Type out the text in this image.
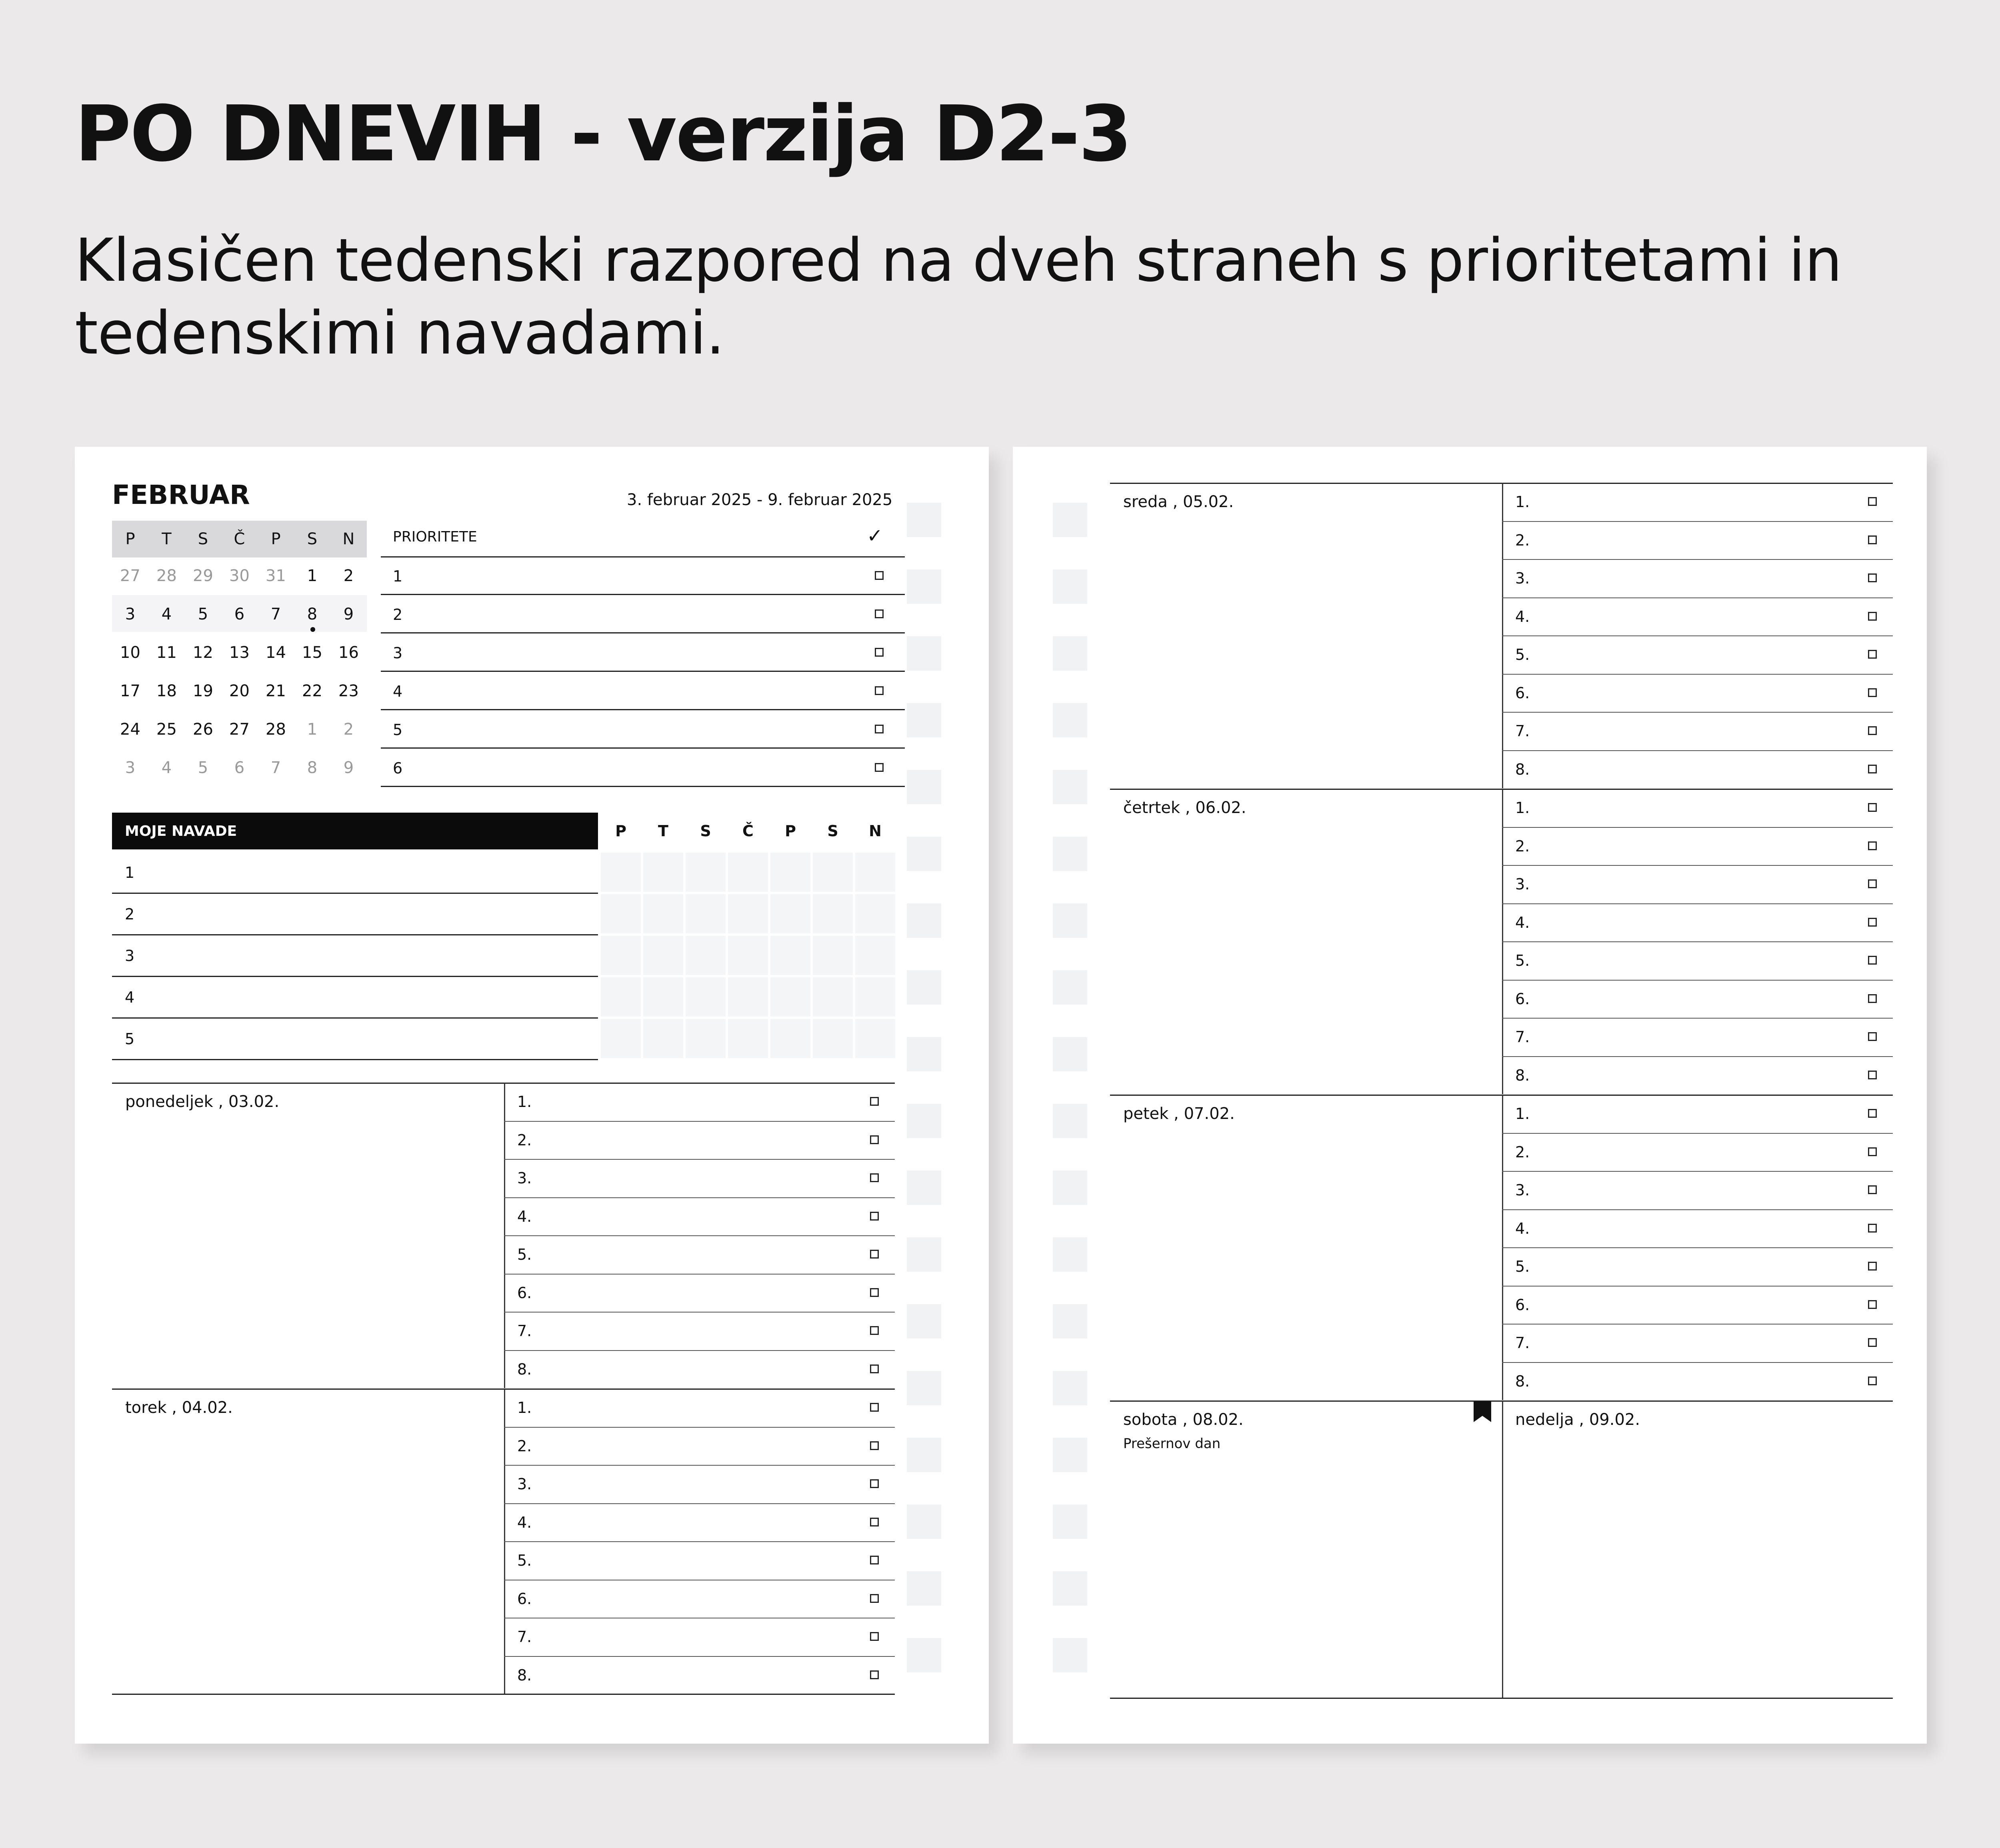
PO DNEVIH - verzija D2-3
Klasičen tedenski razpored na dveh straneh s prioritetami in tedenskimi navadami.
FEBRUAR	3. februar 2025 - 9. februar 2025
P	T	S	Č	P	S	N
27	28	29	30	31	1	2
3	4	5	6	7	8	9
10	11	12	13	14	15	16
17	18	19	20	21	22	23
24	25	26	27	28	1	2
3	4	5	6	7	8	9
PRIORITETE	✓
1
2
3
4
5
6
MOJE NAVADE	P	T	S	Č	P	S	N
1
2
3
4
5
ponedeljek , 03.02.	1.
2.
3.
4.
5.
6.
7.
8.
torek , 04.02.	1.
2.
3.
4.
5.
6.
7.
8.
sreda , 05.02.	1.
2.
3.
4.
5.
6.
7.
8.
četrtek , 06.02.	1.
2.
3.
4.
5.
6.
7.
8.
petek , 07.02.	1.
2.
3.
4.
5.
6.
7.
8.
sobota , 08.02.
Prešernov dan
nedelja , 09.02.
